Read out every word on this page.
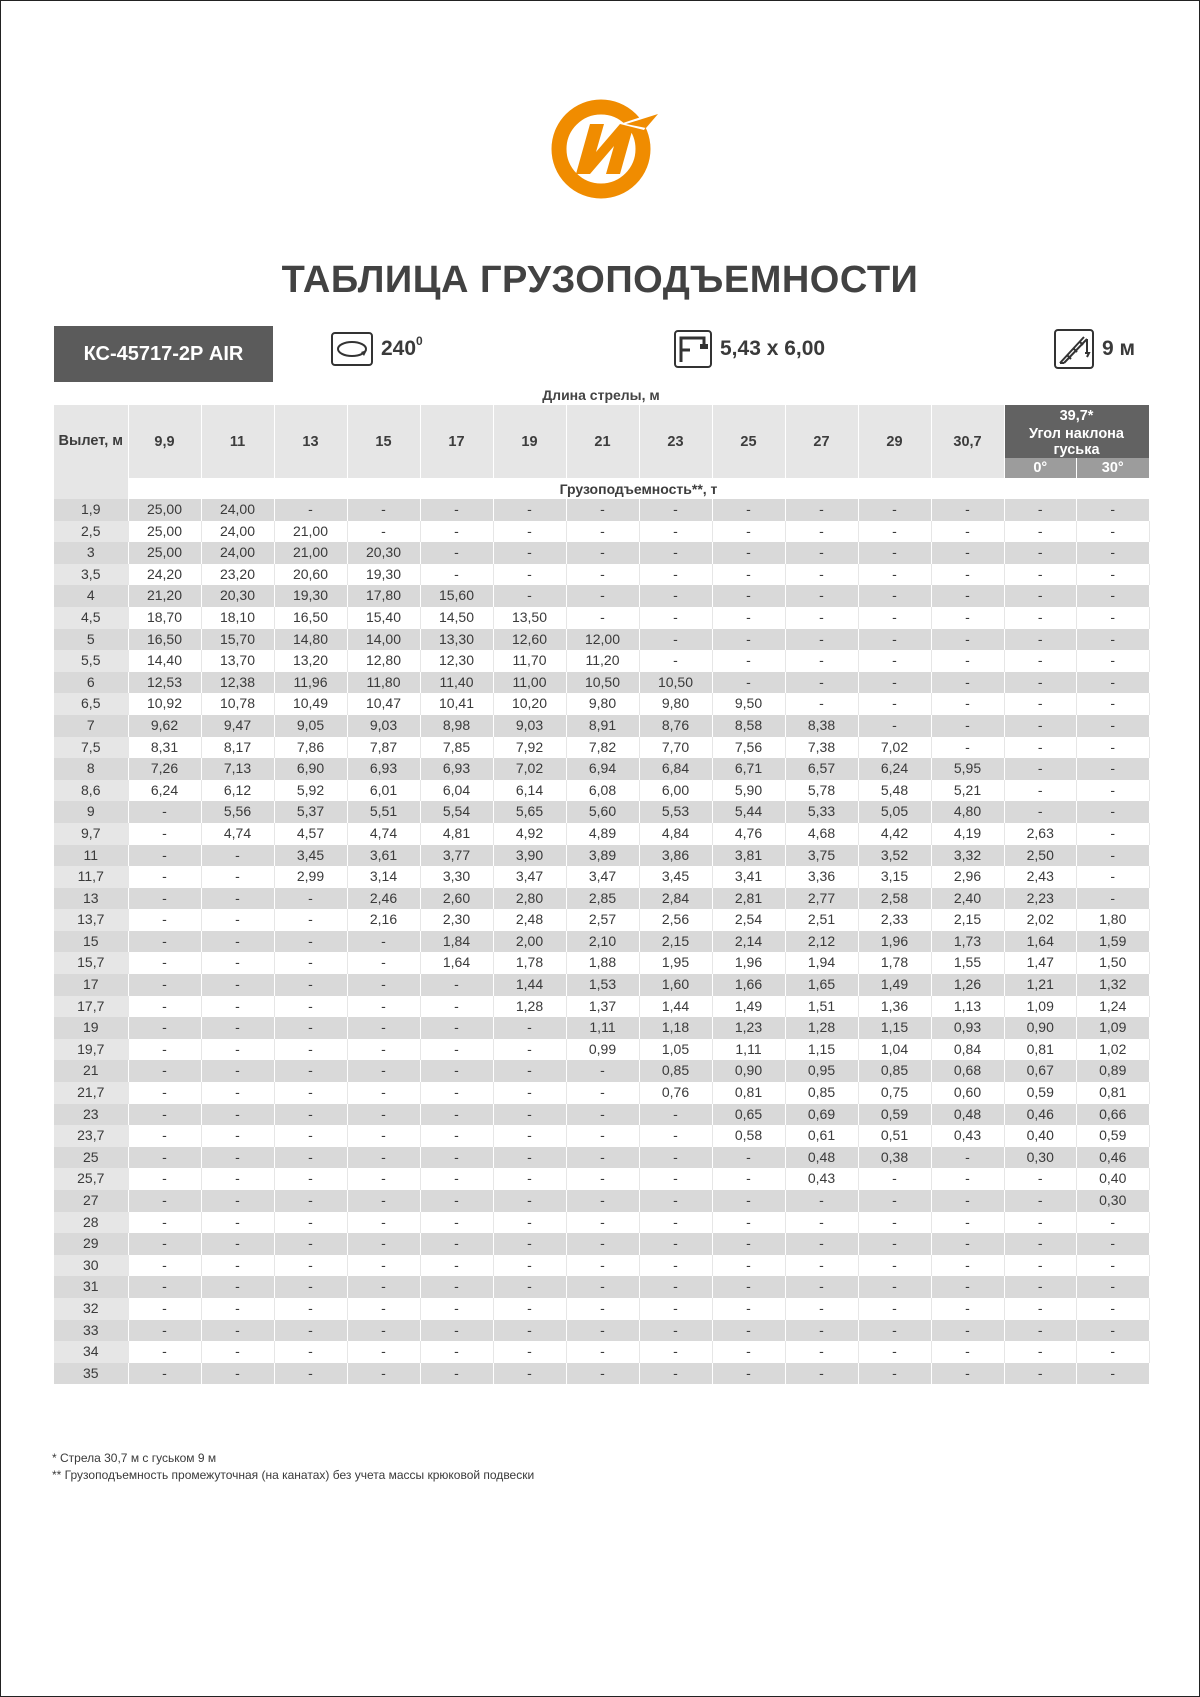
ТАБЛИЦА ГРУЗОПОДЪЕМНОСТИ
КС-45717-2Р AIR	$240^0$	5,43 х 6,00	9 м
Длина стрелы, м
Вылет, м	9,9	11	13	15	17	19	21	23	25	27	29	30,7	39,7*	
													Угол наклона гуська	
													0°	30°
	Грузоподъемность**, т													
1,9	25,00	24,00	-	-	-	-	-	-	-	-	-	-	-	-
2,5	25,00	24,00	21,00	-	-	-	-	-	-	-	-	-	-	-
3	25,00	24,00	21,00	20,30	-	-	-	-	-	-	-	-	-	-
3,5	24,20	23,20	20,60	19,30	-	-	-	-	-	-	-	-	-	-
4	21,20	20,30	19,30	17,80	15,60	-	-	-	-	-	-	-	-	-
4,5	18,70	18,10	16,50	15,40	14,50	13,50	-	-	-	-	-	-	-	-
5	16,50	15,70	14,80	14,00	13,30	12,60	12,00	-	-	-	-	-	-	-
5,5	14,40	13,70	13,20	12,80	12,30	11,70	11,20	-	-	-	-	-	-	-
6	12,53	12,38	11,96	11,80	11,40	11,00	10,50	10,50	-	-	-	-	-	-
6,5	10,92	10,78	10,49	10,47	10,41	10,20	9,80	9,80	9,50	-	-	-	-	-
7	9,62	9,47	9,05	9,03	8,98	9,03	8,91	8,76	8,58	8,38	-	-	-	-
7,5	8,31	8,17	7,86	7,87	7,85	7,92	7,82	7,70	7,56	7,38	7,02	-	-	-
8	7,26	7,13	6,90	6,93	6,93	7,02	6,94	6,84	6,71	6,57	6,24	5,95	-	-
8,6	6,24	6,12	5,92	6,01	6,04	6,14	6,08	6,00	5,90	5,78	5,48	5,21	-	-
9	-	5,56	5,37	5,51	5,54	5,65	5,60	5,53	5,44	5,33	5,05	4,80	-	-
9,7	-	4,74	4,57	4,74	4,81	4,92	4,89	4,84	4,76	4,68	4,42	4,19	2,63	-
11	-	-	3,45	3,61	3,77	3,90	3,89	3,86	3,81	3,75	3,52	3,32	2,50	-
11,7	-	-	2,99	3,14	3,30	3,47	3,47	3,45	3,41	3,36	3,15	2,96	2,43	-
13	-	-	-	2,46	2,60	2,80	2,85	2,84	2,81	2,77	2,58	2,40	2,23	-
13,7	-	-	-	2,16	2,30	2,48	2,57	2,56	2,54	2,51	2,33	2,15	2,02	1,80
15	-	-	-	-	1,84	2,00	2,10	2,15	2,14	2,12	1,96	1,73	1,64	1,59
15,7	-	-	-	-	1,64	1,78	1,88	1,95	1,96	1,94	1,78	1,55	1,47	1,50
17	-	-	-	-	-	1,44	1,53	1,60	1,66	1,65	1,49	1,26	1,21	1,32
17,7	-	-	-	-	-	1,28	1,37	1,44	1,49	1,51	1,36	1,13	1,09	1,24
19	-	-	-	-	-	-	1,11	1,18	1,23	1,28	1,15	0,93	0,90	1,09
19,7	-	-	-	-	-	-	0,99	1,05	1,11	1,15	1,04	0,84	0,81	1,02
21	-	-	-	-	-	-	-	0,85	0,90	0,95	0,85	0,68	0,67	0,89
21,7	-	-	-	-	-	-	-	0,76	0,81	0,85	0,75	0,60	0,59	0,81
23	-	-	-	-	-	-	-	-	0,65	0,69	0,59	0,48	0,46	0,66
23,7	-	-	-	-	-	-	-	-	0,58	0,61	0,51	0,43	0,40	0,59
25	-	-	-	-	-	-	-	-	-	0,48	0,38	-	0,30	0,46
25,7	-	-	-	-	-	-	-	-	-	0,43	-	-	-	0,40
27	-	-	-	-	-	-	-	-	-	-	-	-	-	0,30
28	-	-	-	-	-	-	-	-	-	-	-	-	-	-
29	-	-	-	-	-	-	-	-	-	-	-	-	-	-
30	-	-	-	-	-	-	-	-	-	-	-	-	-	-
31	-	-	-	-	-	-	-	-	-	-	-	-	-	-
32	-	-	-	-	-	-	-	-	-	-	-	-	-	-
33	-	-	-	-	-	-	-	-	-	-	-	-	-	-
34	-	-	-	-	-	-	-	-	-	-	-	-	-	-
35	-	-	-	-	-	-	-	-	-	-	-	-	-	-
* Стрела 30,7 м с гуськом 9 м
** Грузоподъемность промежуточная (на канатах) без учета массы крюковой подвески
